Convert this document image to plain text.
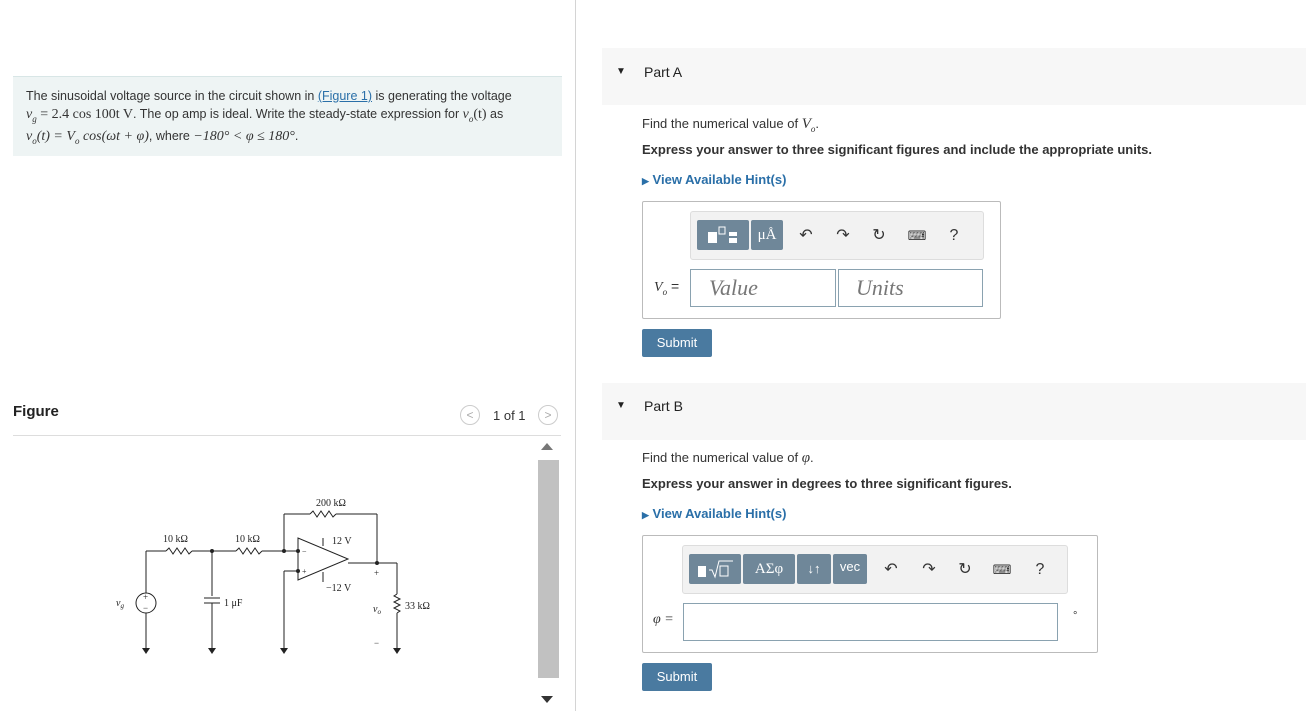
The sinusoidal voltage source in the circuit shown in (Figure 1) is generating the voltage
$v_g = 2.4$ cos 100t V. The op amp is ideal. Write the steady-state expression for $v_o(t)$ as
$v_o(t) = V_o$ cos(ωt + φ), where −180° < φ ≤ 180°.
Figure	<	1 of 1	>
10 kΩ	10 kΩ
200 kΩ
12 V
−12 V
1 μF	33 kΩ
$v_g$	$v_o$
+
−
+
−
−
+
▼ Part A
Find the numerical value of $V_o$.
Express your answer to three significant figures and include the appropriate units.
▶ View Available Hint(s)
μÅ	↶	↷	↻	⌨	?
$V_o$ = Value	Units
Submit
▼ Part B
Find the numerical value of φ.
Express your answer in degrees to three significant figures.
▶ View Available Hint(s)
ΑΣφ	↓↑	vec	↶	↷	↻	⌨	?
φ =	°
Submit
